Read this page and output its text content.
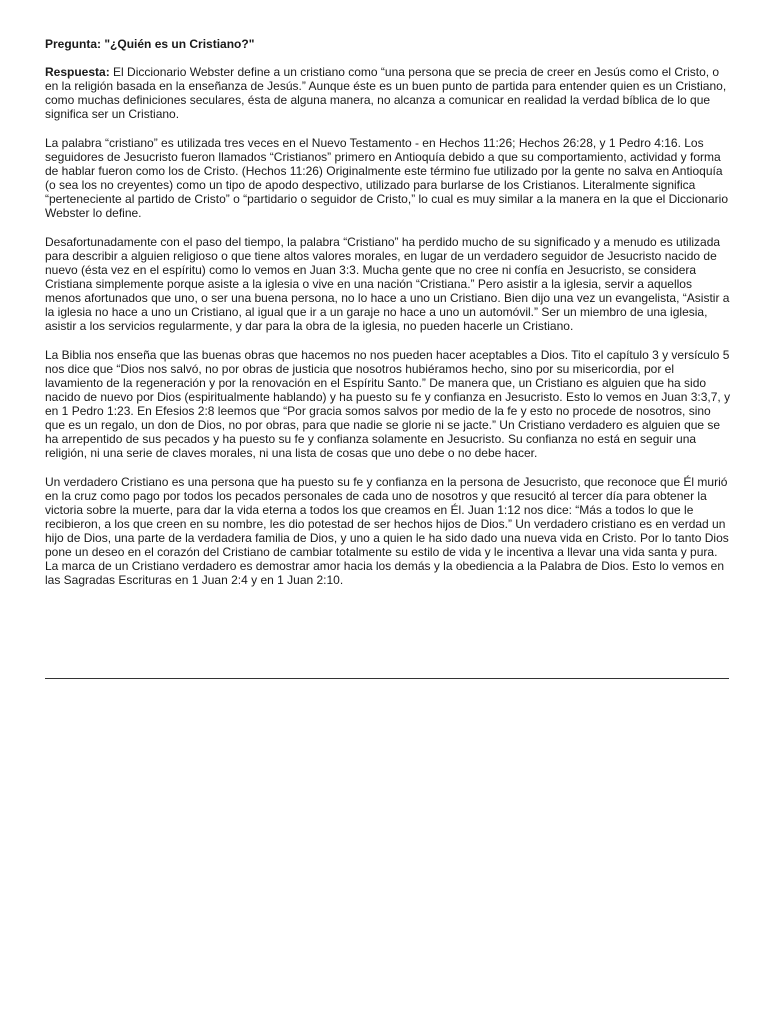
Pregunta: "¿Quién es un Cristiano?"

Respuesta: El Diccionario Webster define a un cristiano como “una persona que se precia de creer en Jesús como el Cristo, o en la religión basada en la enseñanza de Jesús.” Aunque éste es un buen punto de partida para entender quien es un Cristiano, como muchas definiciones seculares, ésta de alguna manera, no alcanza a comunicar en realidad la verdad bíblica de lo que significa ser un Cristiano.

La palabra “cristiano” es utilizada tres veces en el Nuevo Testamento - en Hechos 11:26; Hechos 26:28, y 1 Pedro 4:16. Los seguidores de Jesucristo fueron llamados “Cristianos” primero en Antioquía debido a que su comportamiento, actividad y forma de hablar fueron como los de Cristo. (Hechos 11:26) Originalmente este término fue utilizado por la gente no salva en Antioquía (o sea los no creyentes) como un tipo de apodo despectivo, utilizado para burlarse de los Cristianos. Literalmente significa “perteneciente al partido de Cristo” o “partidario o seguidor de Cristo,” lo cual es muy similar a la manera en la que el Diccionario Webster lo define.

Desafortunadamente con el paso del tiempo, la palabra “Cristiano” ha perdido mucho de su significado y a menudo es utilizada para describir a alguien religioso o que tiene altos valores morales, en lugar de un verdadero seguidor de Jesucristo nacido de nuevo (ésta vez en el espíritu) como lo vemos en Juan 3:3. Mucha gente que no cree ni confía en Jesucristo, se considera Cristiana simplemente porque asiste a la iglesia o vive en una nación “Cristiana.” Pero asistir a la iglesia, servir a aquellos menos afortunados que uno, o ser una buena persona, no lo hace a uno un Cristiano. Bien dijo una vez un evangelista, “Asistir a la iglesia no hace a uno un Cristiano, al igual que ir a un garaje no hace a uno un automóvil.” Ser un miembro de una iglesia, asistir a los servicios regularmente, y dar para la obra de la iglesia, no pueden hacerle un Cristiano.

La Biblia nos enseña que las buenas obras que hacemos no nos pueden hacer aceptables a Dios. Tito el capítulo 3 y versículo 5 nos dice que “Dios nos salvó, no por obras de justicia que nosotros hubiéramos hecho, sino por su misericordia, por el lavamiento de la regeneración y por la renovación en el Espíritu Santo.” De manera que, un Cristiano es alguien que ha sido nacido de nuevo por Dios (espiritualmente hablando) y ha puesto su fe y confianza en Jesucristo. Esto lo vemos en Juan 3:3,7, y en 1 Pedro 1:23. En Efesios 2:8 leemos que “Por gracia somos salvos por medio de la fe y esto no procede de nosotros, sino que es un regalo, un don de Dios, no por obras, para que nadie se glorie ni se jacte.” Un Cristiano verdadero es alguien que se ha arrepentido de sus pecados y ha puesto su fe y confianza solamente en Jesucristo. Su confianza no está en seguir una religión, ni una serie de claves morales, ni una lista de cosas que uno debe o no debe hacer.

Un verdadero Cristiano es una persona que ha puesto su fe y confianza en la persona de Jesucristo, que reconoce que Él murió en la cruz como pago por todos los pecados personales de cada uno de nosotros y que resucitó al tercer día para obtener la victoria sobre la muerte, para dar la vida eterna a todos los que creamos en Él. Juan 1:12 nos dice: “Más a todos lo que le recibieron, a los que creen en su nombre, les dio potestad de ser hechos hijos de Dios.” Un verdadero cristiano es en verdad un hijo de Dios, una parte de la verdadera familia de Dios, y uno a quien le ha sido dado una nueva vida en Cristo. Por lo tanto Dios pone un deseo en el corazón del Cristiano de cambiar totalmente su estilo de vida y le incentiva a llevar una vida santa y pura. La marca de un Cristiano verdadero es demostrar amor hacia los demás y la obediencia a la Palabra de Dios. Esto lo vemos en las Sagradas Escrituras en 1 Juan 2:4 y en 1 Juan 2:10.
